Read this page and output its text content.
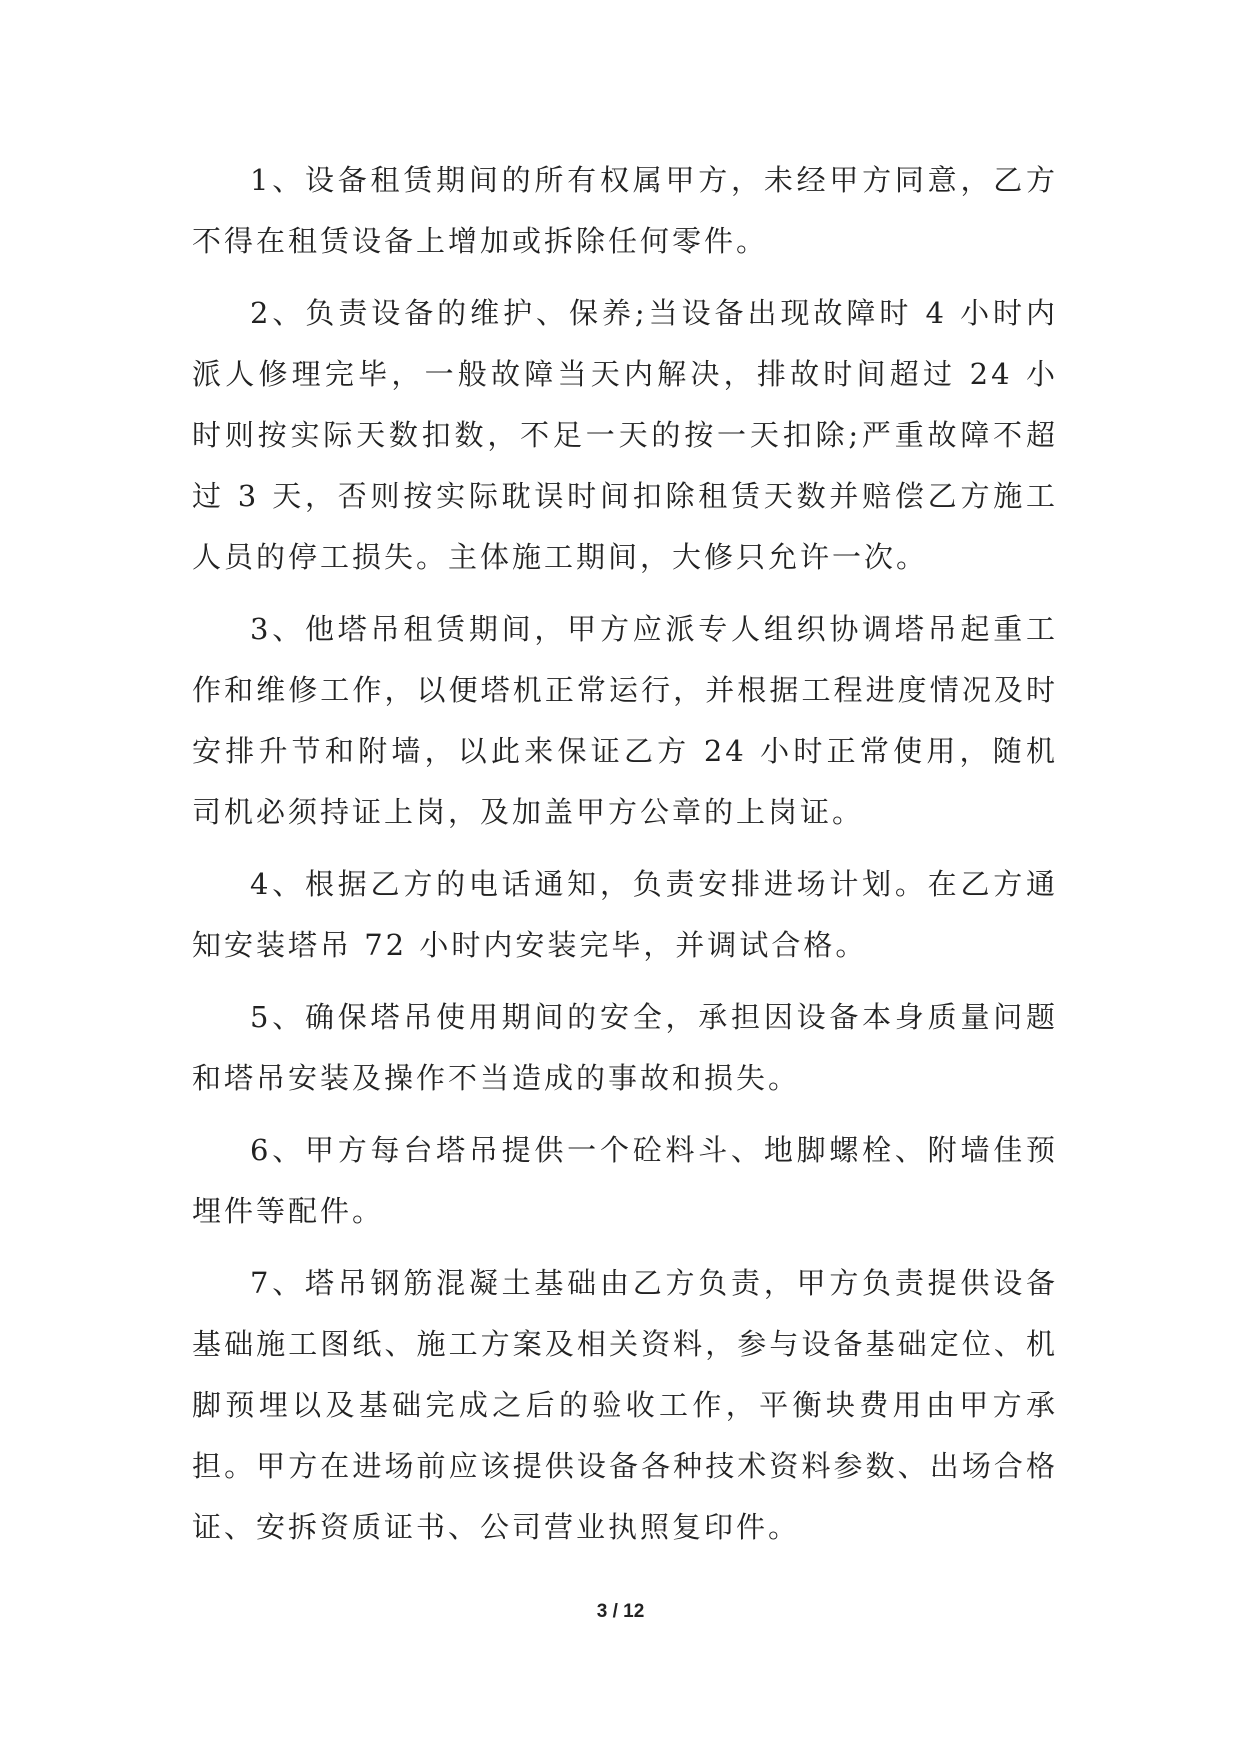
1、设备租赁期间的所有权属甲方，未经甲方同意，乙方不得在租赁设备上增加或拆除任何零件。

2、负责设备的维护、保养;当设备出现故障时 4 小时内派人修理完毕，一般故障当天内解决，排故时间超过 24 小时则按实际天数扣数，不足一天的按一天扣除;严重故障不超过 3 天，否则按实际耽误时间扣除租赁天数并赔偿乙方施工人员的停工损失。主体施工期间，大修只允许一次。

3、他塔吊租赁期间，甲方应派专人组织协调塔吊起重工作和维修工作，以便塔机正常运行，并根据工程进度情况及时安排升节和附墙，以此来保证乙方 24 小时正常使用，随机司机必须持证上岗，及加盖甲方公章的上岗证。

4、根据乙方的电话通知，负责安排进场计划。在乙方通知安装塔吊 72 小时内安装完毕，并调试合格。

5、确保塔吊使用期间的安全，承担因设备本身质量问题和塔吊安装及操作不当造成的事故和损失。

6、甲方每台塔吊提供一个砼料斗、地脚螺栓、附墙佳预埋件等配件。

7、塔吊钢筋混凝土基础由乙方负责，甲方负责提供设备基础施工图纸、施工方案及相关资料，参与设备基础定位、机脚预埋以及基础完成之后的验收工作，平衡块费用由甲方承担。甲方在进场前应该提供设备各种技术资料参数、出场合格证、安拆资质证书、公司营业执照复印件。

3 / 12
